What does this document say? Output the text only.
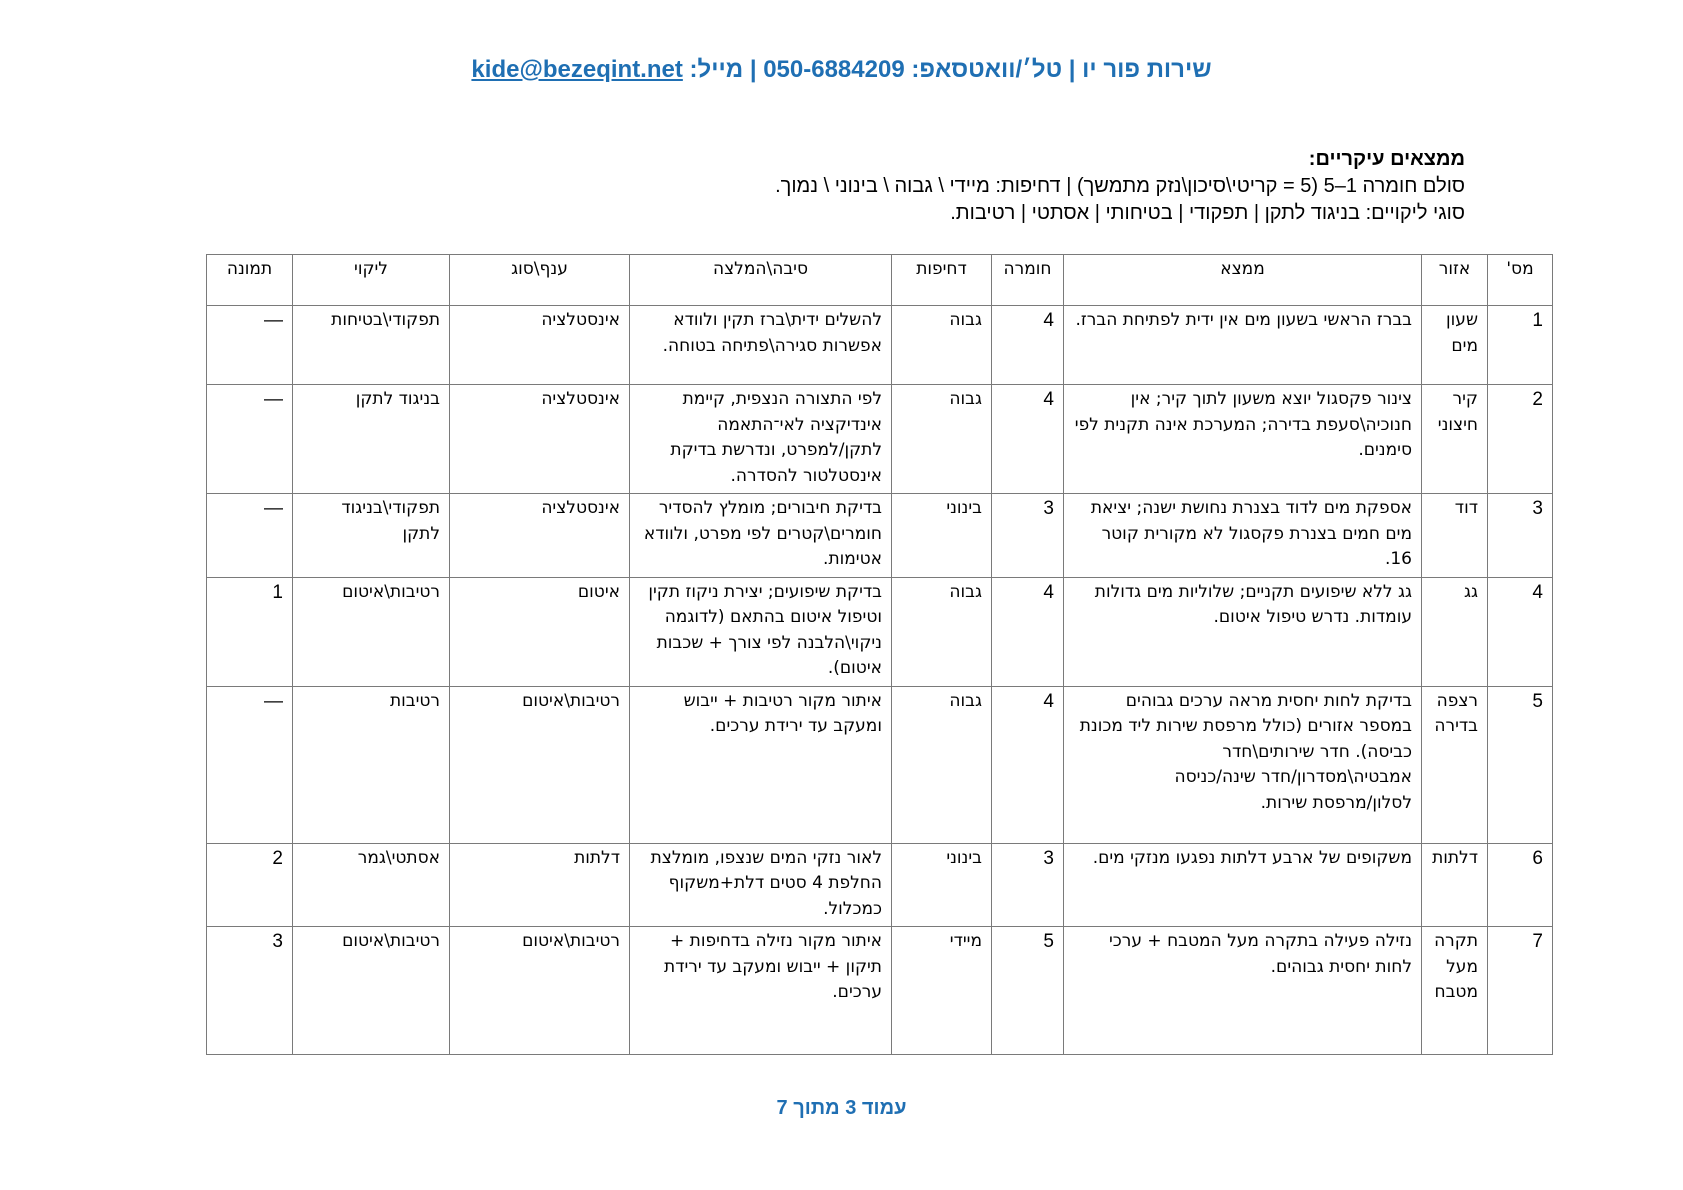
שירות פור יו | טל׳/וואטסאפ: 050-6884209 | מייל: kide@bezeqint.net
ממצאים עיקריים:
סולם חומרה 1–5 (5 = קריטי\סיכון\נזק מתמשך) | דחיפות: מיידי \ גבוה \ בינוני \ נמוך.
סוגי ליקויים: בניגוד לתקן | תפקודי | בטיחותי | אסתטי | רטיבות.
מס'	אזור	ממצא	חומרה	דחיפות	סיבה\המלצה	ענף\סוג	ליקוי	תמונה
1	שעון מים	בברז הראשי בשעון מים אין ידית לפתיחת הברז.	4	גבוה	להשלים ידית\ברז תקין ולוודא אפשרות סגירה\פתיחה בטוחה.	אינסטלציה	תפקודי\בטיחות	—
2	קיר חיצוני	צינור פקסגול יוצא משעון לתוך קיר; אין חנוכיה\סעפת בדירה; המערכת אינה תקנית לפי סימנים.	4	גבוה	לפי התצורה הנצפית, קיימת אינדיקציה לאי־התאמה לתקן/למפרט, ונדרשת בדיקת אינסטלטור להסדרה.	אינסטלציה	בניגוד לתקן	—
3	דוד	אספקת מים לדוד בצנרת נחושת ישנה; יציאת מים חמים בצנרת פקסגול לא מקורית קוטר 16.	3	בינוני	בדיקת חיבורים; מומלץ להסדיר חומרים\קטרים לפי מפרט, ולוודא אטימות.	אינסטלציה	תפקודי\בניגוד לתקן	—
4	גג	גג ללא שיפועים תקניים; שלוליות מים גדולות עומדות. נדרש טיפול איטום.	4	גבוה	בדיקת שיפועים; יצירת ניקוז תקין וטיפול איטום בהתאם (לדוגמה ניקוי\הלבנה לפי צורך + שכבות איטום).	איטום	רטיבות\איטום	1
5	רצפה בדירה	בדיקת לחות יחסית מראה ערכים גבוהים במספר אזורים (כולל מרפסת שירות ליד מכונת כביסה). חדר שירותים\חדר אמבטיה\מסדרון/חדר שינה/כניסה לסלון/מרפסת שירות.	4	גבוה	איתור מקור רטיבות + ייבוש ומעקב עד ירידת ערכים.	רטיבות\איטום	רטיבות	—
6	דלתות	משקופים של ארבע דלתות נפגעו מנזקי מים.	3	בינוני	לאור נזקי המים שנצפו, מומלצת החלפת 4 סטים דלת+משקוף כמכלול.	דלתות	אסתטי\גמר	2
7	תקרה מעל מטבח	נזילה פעילה בתקרה מעל המטבח + ערכי לחות יחסית גבוהים.	5	מיידי	איתור מקור נזילה בדחיפות + תיקון + ייבוש ומעקב עד ירידת ערכים.	רטיבות\איטום	רטיבות\איטום	3
עמוד 3 מתוך 7
